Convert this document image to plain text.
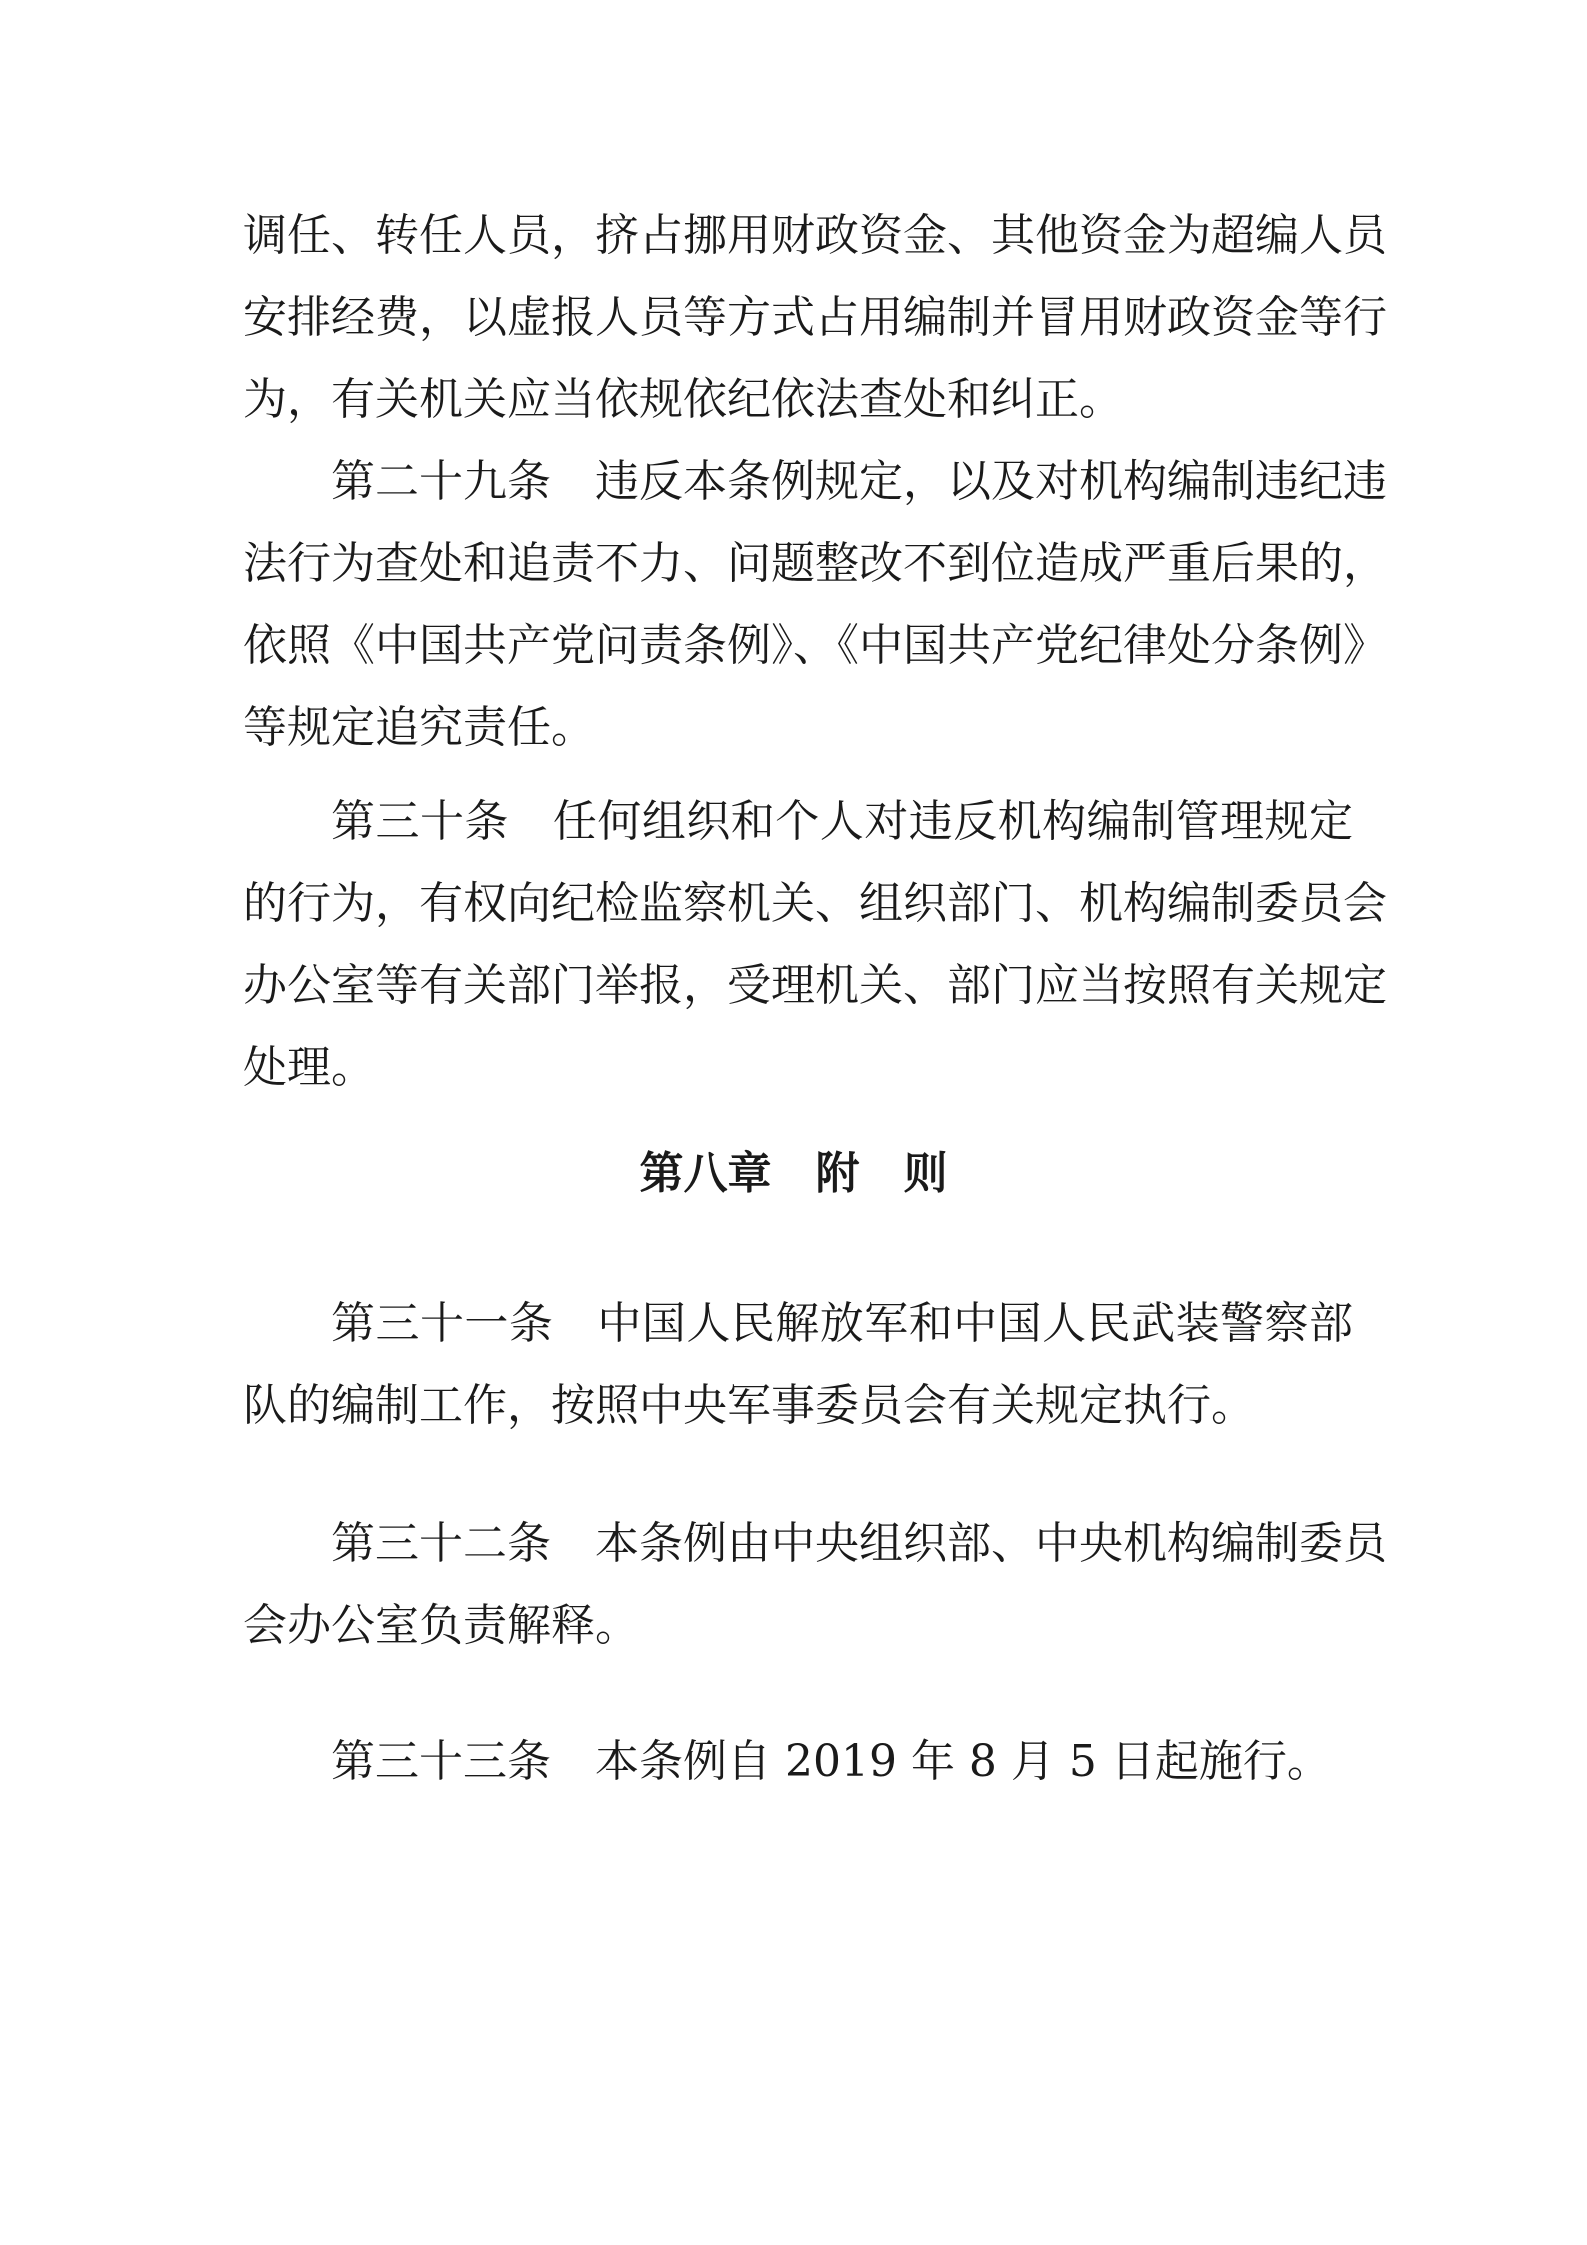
调任、转任人员，挤占挪用财政资金、其他资金为超编人员
安排经费，以虚报人员等方式占用编制并冒用财政资金等行
为，有关机关应当依规依纪依法查处和纠正。
第二十九条 违反本条例规定，以及对机构编制违纪违
法行为查处和追责不力、问题整改不到位造成严重后果的，
依照《中国共产党问责条例》、《中国共产党纪律处分条例》
等规定追究责任。
第三十条 任何组织和个人对违反机构编制管理规定
的行为，有权向纪检监察机关、组织部门、机构编制委员会
办公室等有关部门举报，受理机关、部门应当按照有关规定
处理。
第八章　附　则
第三十一条 中国人民解放军和中国人民武装警察部
队的编制工作，按照中央军事委员会有关规定执行。
第三十二条 本条例由中央组织部、中央机构编制委员
会办公室负责解释。
第三十三条 本条例自 2019 年 8 月 5 日起施行。
